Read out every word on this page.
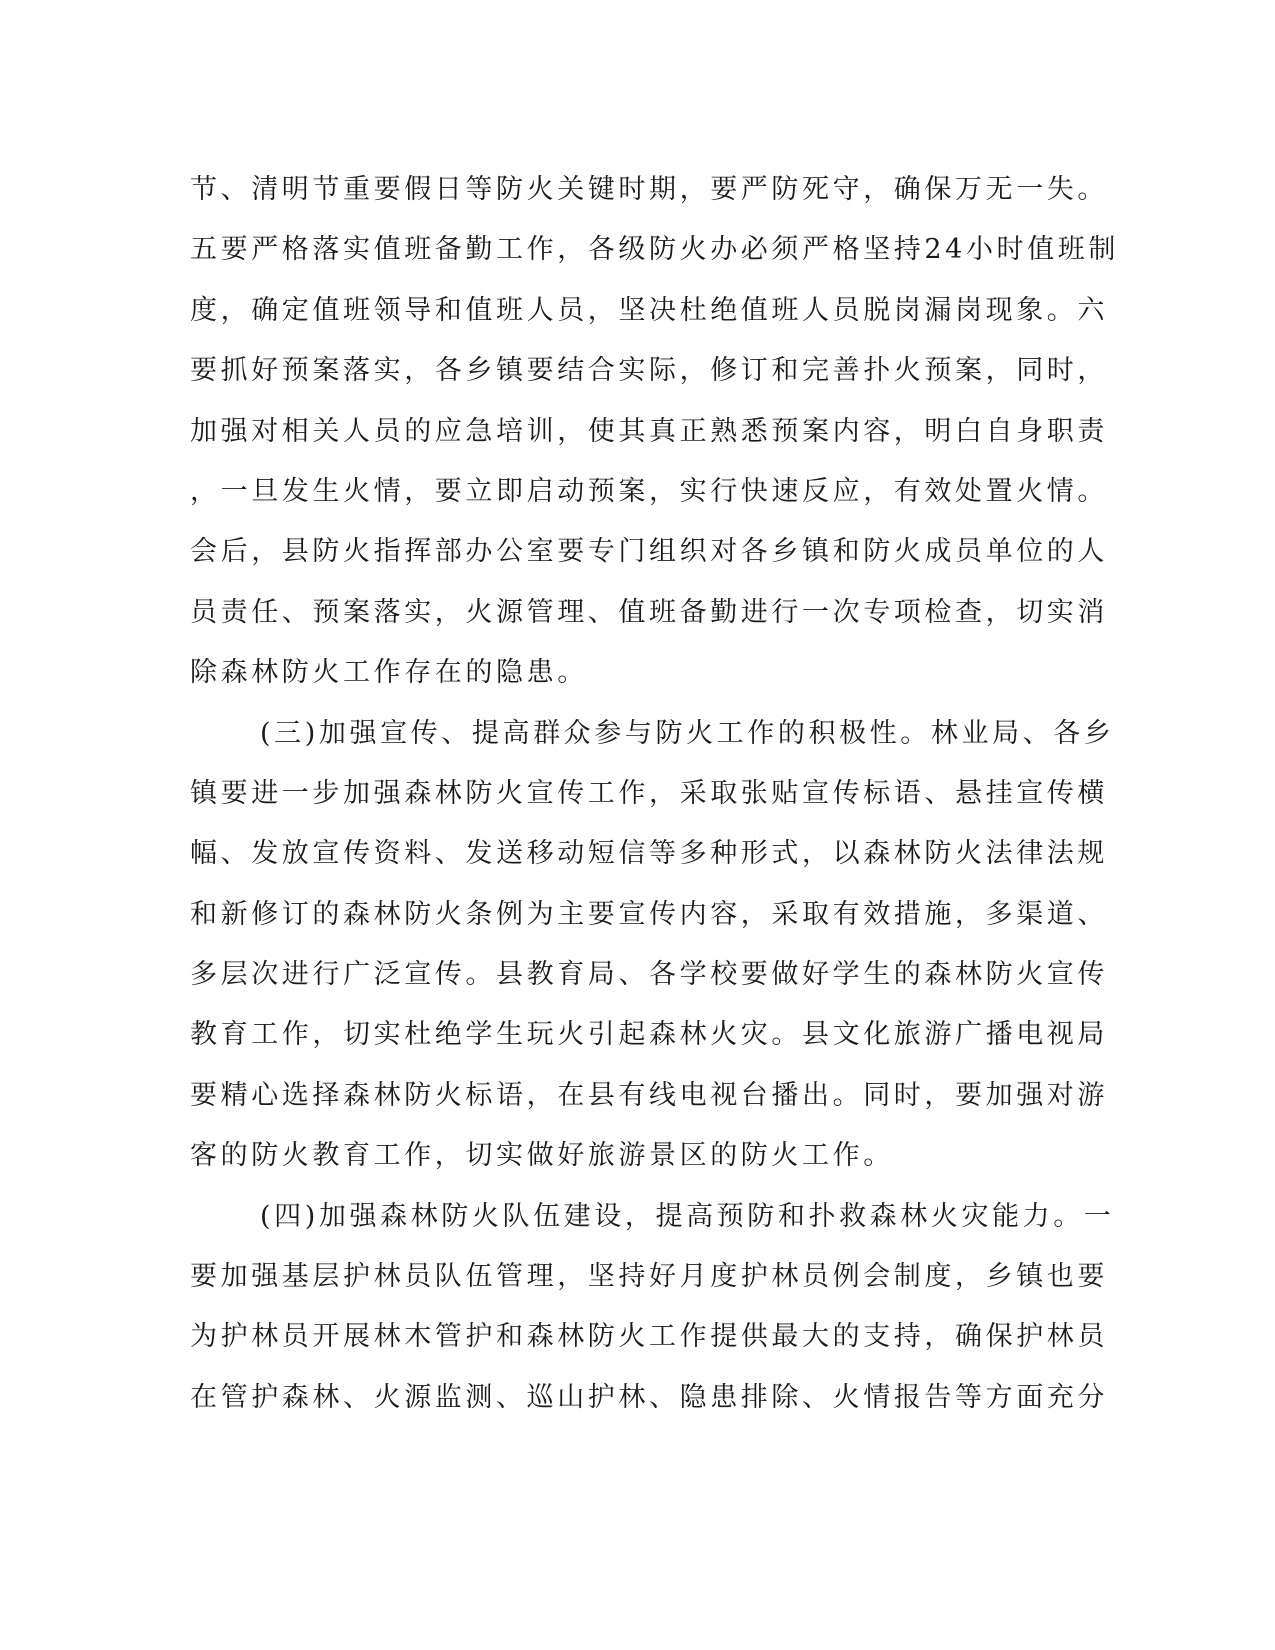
节、清明节重要假日等防火关键时期，要严防死守，确保万无一失。
五要严格落实值班备勤工作，各级防火办必须严格坚持24小时值班制
度，确定值班领导和值班人员，坚决杜绝值班人员脱岗漏岗现象。六
要抓好预案落实，各乡镇要结合实际，修订和完善扑火预案，同时，
加强对相关人员的应急培训，使其真正熟悉预案内容，明白自身职责
，一旦发生火情，要立即启动预案，实行快速反应，有效处置火情。
会后，县防火指挥部办公室要专门组织对各乡镇和防火成员单位的人
员责任、预案落实，火源管理、值班备勤进行一次专项检查，切实消
除森林防火工作存在的隐患。
(三)加强宣传、提高群众参与防火工作的积极性。林业局、各乡
镇要进一步加强森林防火宣传工作，采取张贴宣传标语、悬挂宣传横
幅、发放宣传资料、发送移动短信等多种形式，以森林防火法律法规
和新修订的森林防火条例为主要宣传内容，采取有效措施，多渠道、
多层次进行广泛宣传。县教育局、各学校要做好学生的森林防火宣传
教育工作，切实杜绝学生玩火引起森林火灾。县文化旅游广播电视局
要精心选择森林防火标语，在县有线电视台播出。同时，要加强对游
客的防火教育工作，切实做好旅游景区的防火工作。
(四)加强森林防火队伍建设，提高预防和扑救森林火灾能力。一
要加强基层护林员队伍管理，坚持好月度护林员例会制度，乡镇也要
为护林员开展林木管护和森林防火工作提供最大的支持，确保护林员
在管护森林、火源监测、巡山护林、隐患排除、火情报告等方面充分
